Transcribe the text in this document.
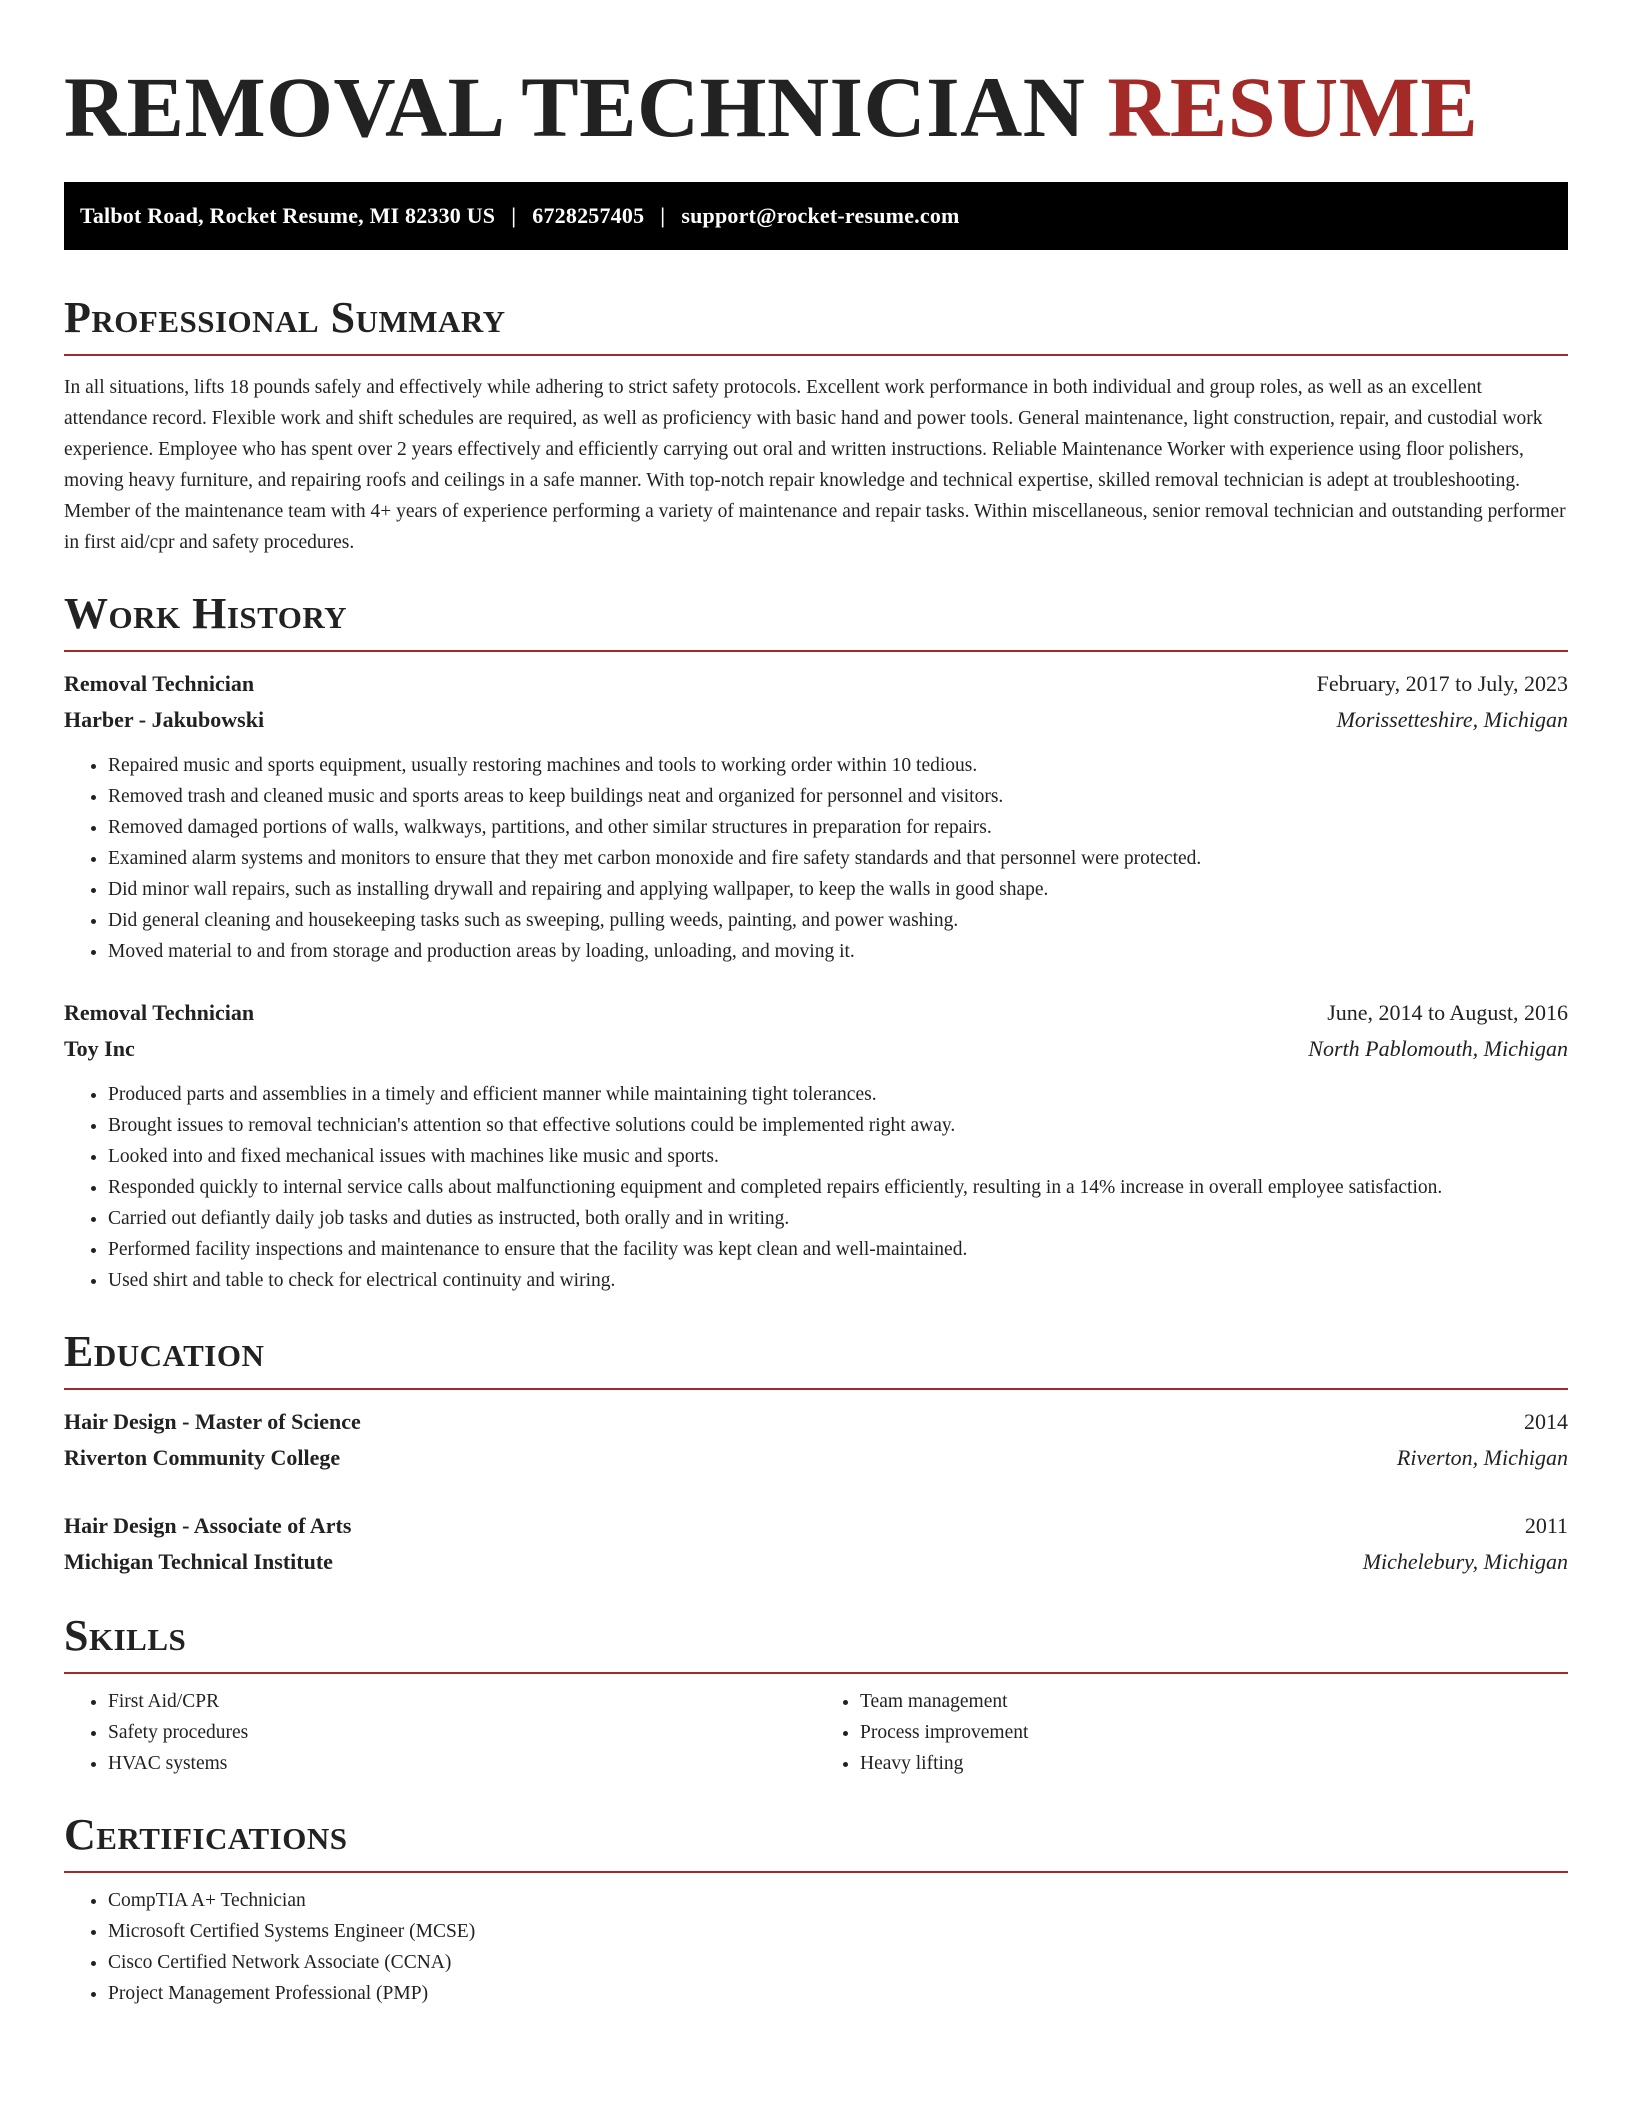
REMOVAL TECHNICIAN RESUME
Talbot Road, Rocket Resume, MI 82330 US | 6728257405 | support@rocket-resume.com
Professional Summary
In all situations, lifts 18 pounds safely and effectively while adhering to strict safety protocols. Excellent work performance in both individual and group roles, as well as an excellent attendance record. Flexible work and shift schedules are required, as well as proficiency with basic hand and power tools. General maintenance, light construction, repair, and custodial work experience. Employee who has spent over 2 years effectively and efficiently carrying out oral and written instructions. Reliable Maintenance Worker with experience using floor polishers, moving heavy furniture, and repairing roofs and ceilings in a safe manner. With top-notch repair knowledge and technical expertise, skilled removal technician is adept at troubleshooting. Member of the maintenance team with 4+ years of experience performing a variety of maintenance and repair tasks. Within miscellaneous, senior removal technician and outstanding performer in first aid/cpr and safety procedures.
Work History
Removal Technician	February, 2017 to July, 2023
Harber - Jakubowski	Morissetteshire, Michigan
• Repaired music and sports equipment, usually restoring machines and tools to working order within 10 tedious.
• Removed trash and cleaned music and sports areas to keep buildings neat and organized for personnel and visitors.
• Removed damaged portions of walls, walkways, partitions, and other similar structures in preparation for repairs.
• Examined alarm systems and monitors to ensure that they met carbon monoxide and fire safety standards and that personnel were protected.
• Did minor wall repairs, such as installing drywall and repairing and applying wallpaper, to keep the walls in good shape.
• Did general cleaning and housekeeping tasks such as sweeping, pulling weeds, painting, and power washing.
• Moved material to and from storage and production areas by loading, unloading, and moving it.
Removal Technician	June, 2014 to August, 2016
Toy Inc	North Pablomouth, Michigan
• Produced parts and assemblies in a timely and efficient manner while maintaining tight tolerances.
• Brought issues to removal technician's attention so that effective solutions could be implemented right away.
• Looked into and fixed mechanical issues with machines like music and sports.
• Responded quickly to internal service calls about malfunctioning equipment and completed repairs efficiently, resulting in a 14% increase in overall employee satisfaction.
• Carried out defiantly daily job tasks and duties as instructed, both orally and in writing.
• Performed facility inspections and maintenance to ensure that the facility was kept clean and well-maintained.
• Used shirt and table to check for electrical continuity and wiring.
Education
Hair Design - Master of Science	2014
Riverton Community College	Riverton, Michigan
Hair Design - Associate of Arts	2011
Michigan Technical Institute	Michelebury, Michigan
Skills
• First Aid/CPR
• Safety procedures
• HVAC systems
• Team management
• Process improvement
• Heavy lifting
Certifications
• CompTIA A+ Technician
• Microsoft Certified Systems Engineer (MCSE)
• Cisco Certified Network Associate (CCNA)
• Project Management Professional (PMP)
